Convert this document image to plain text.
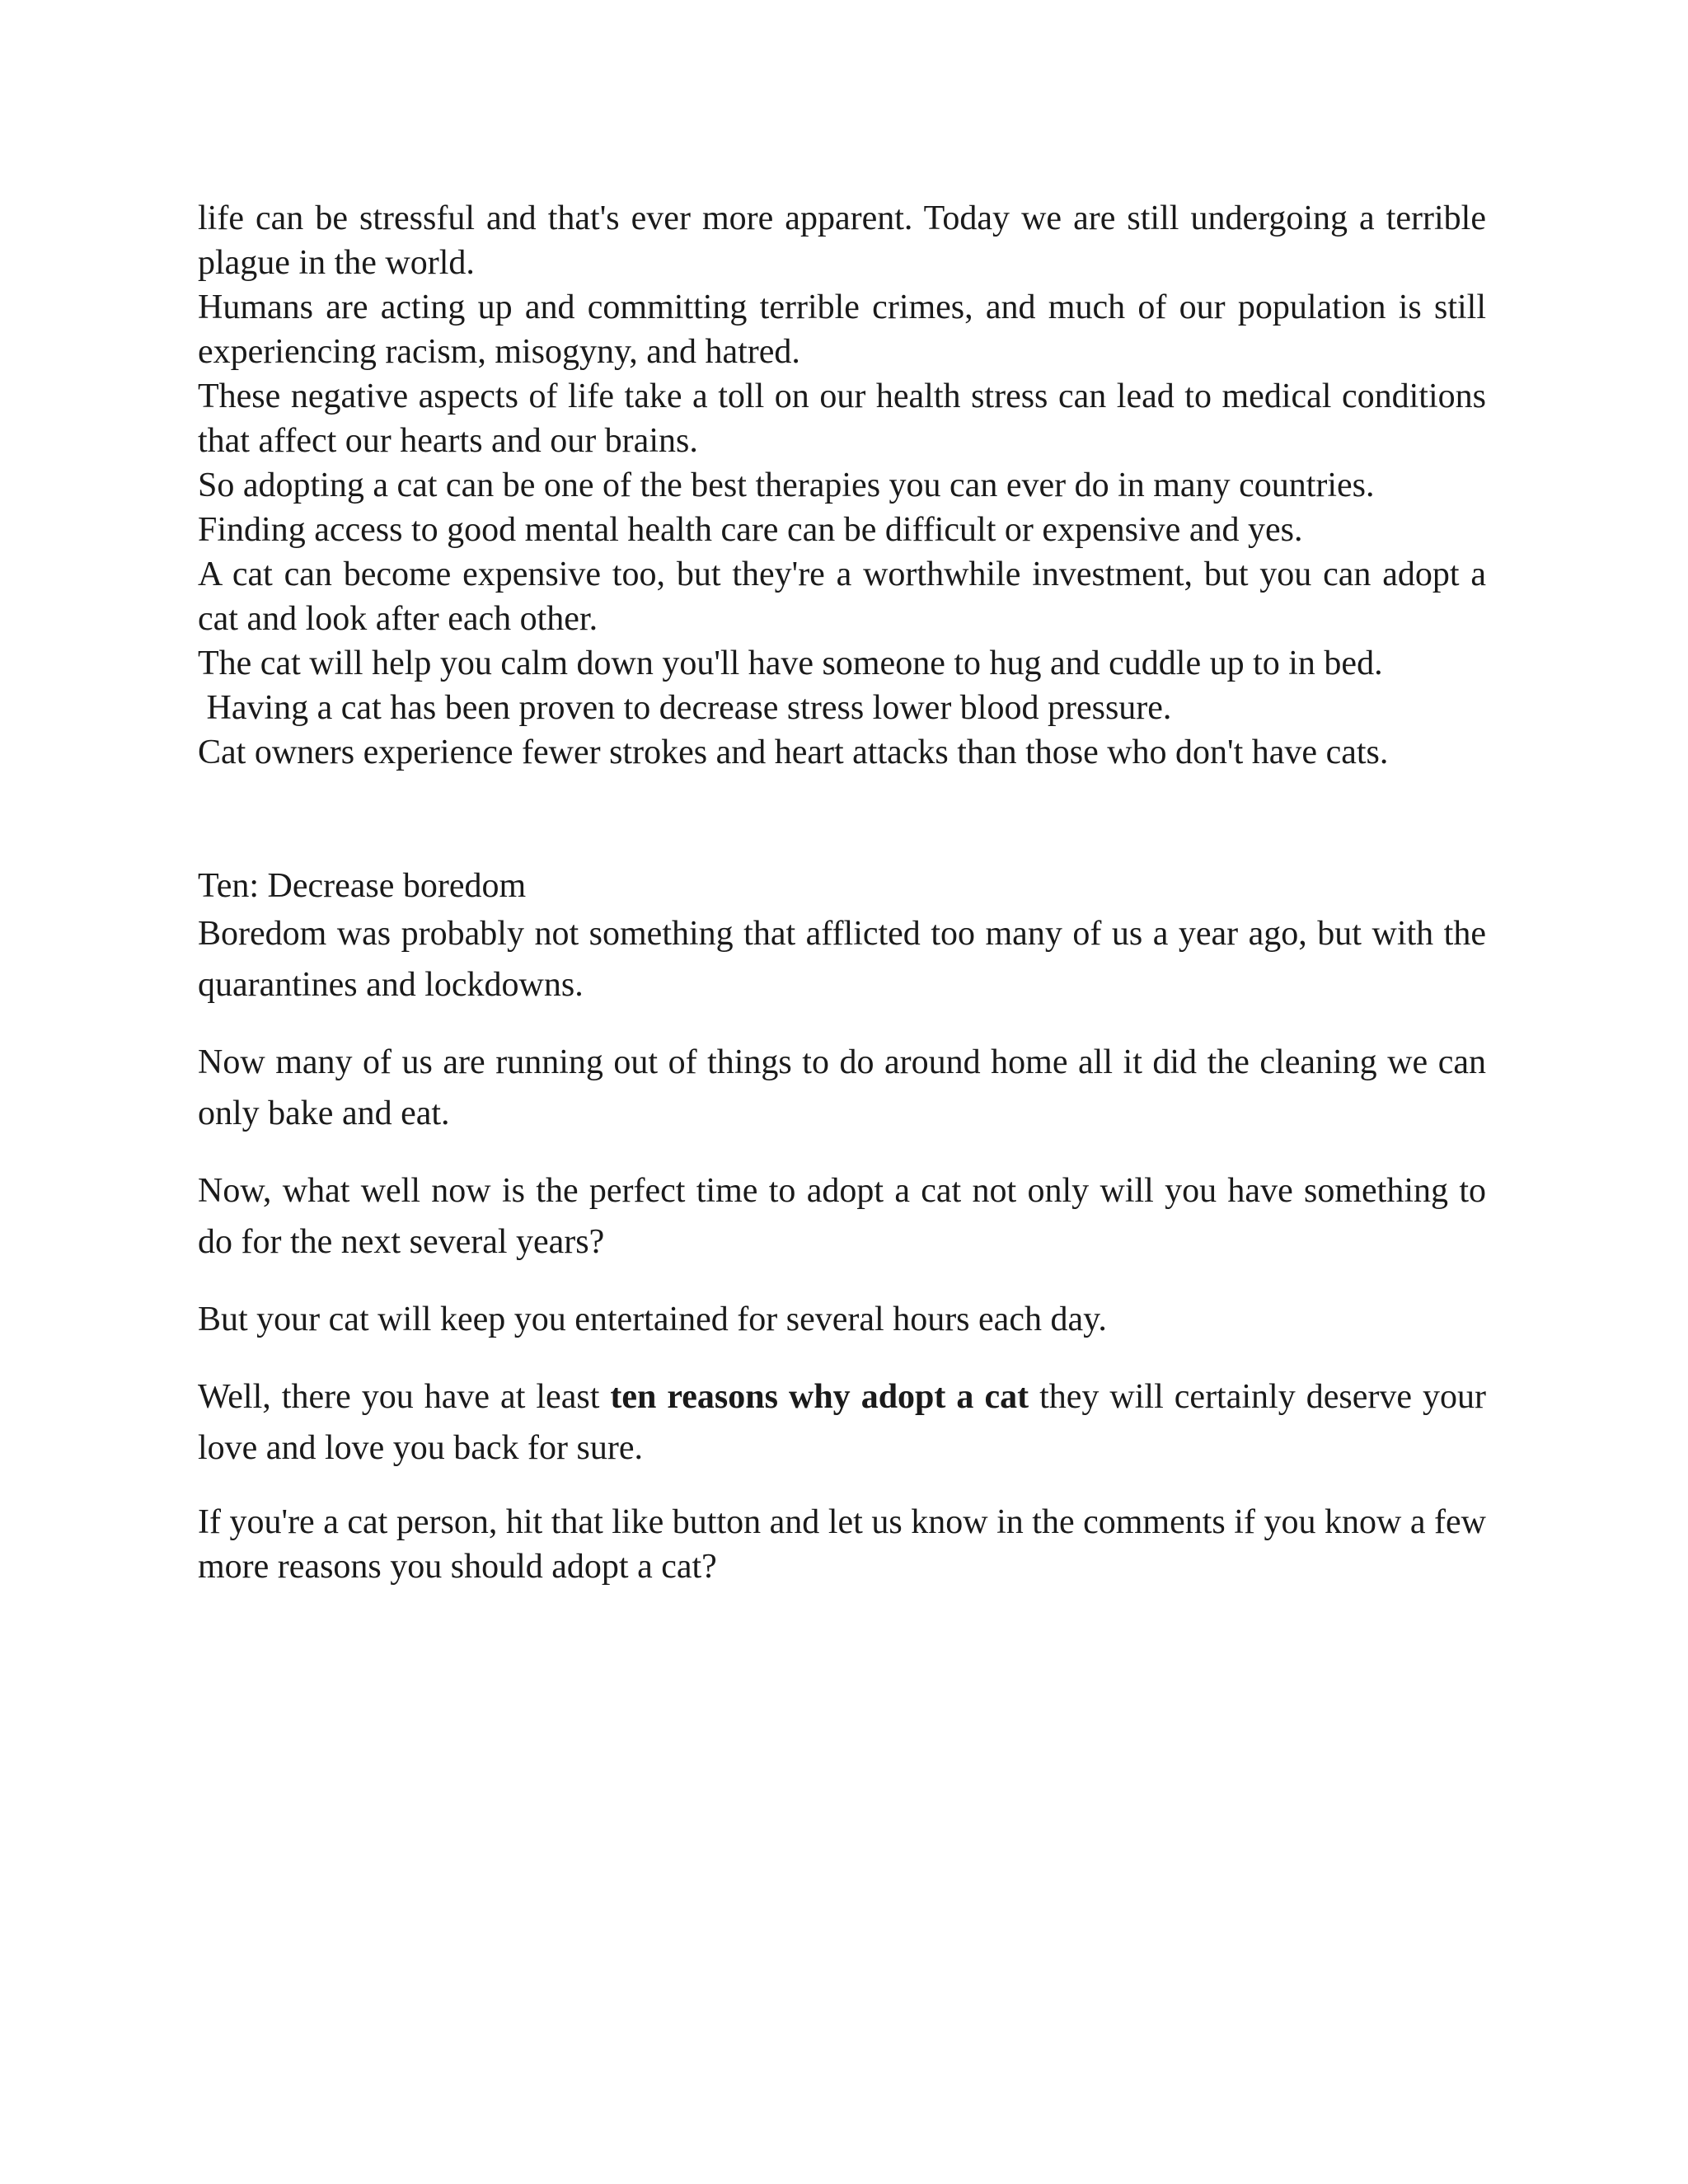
life can be stressful and that's ever more apparent. Today we are still undergoing a terrible plague in the world.

Humans are acting up and committing terrible crimes, and much of our population is still experiencing racism, misogyny, and hatred.

These negative aspects of life take a toll on our health stress can lead to medical conditions that affect our hearts and our brains.

So adopting a cat can be one of the best therapies you can ever do in many countries.

Finding access to good mental health care can be difficult or expensive and yes.

A cat can become expensive too, but they're a worthwhile investment, but you can adopt a cat and look after each other.

The cat will help you calm down you'll have someone to hug and cuddle up to in bed.

Having a cat has been proven to decrease stress lower blood pressure.

Cat owners experience fewer strokes and heart attacks than those who don't have cats.

Ten: Decrease boredom

Boredom was probably not something that afflicted too many of us a year ago, but with the quarantines and lockdowns.

Now many of us are running out of things to do around home all it did the cleaning we can only bake and eat.

Now, what well now is the perfect time to adopt a cat not only will you have something to do for the next several years?

But your cat will keep you entertained for several hours each day.

Well, there you have at least ten reasons why adopt a cat they will certainly deserve your love and love you back for sure.

If you're a cat person, hit that like button and let us know in the comments if you know a few more reasons you should adopt a cat?
